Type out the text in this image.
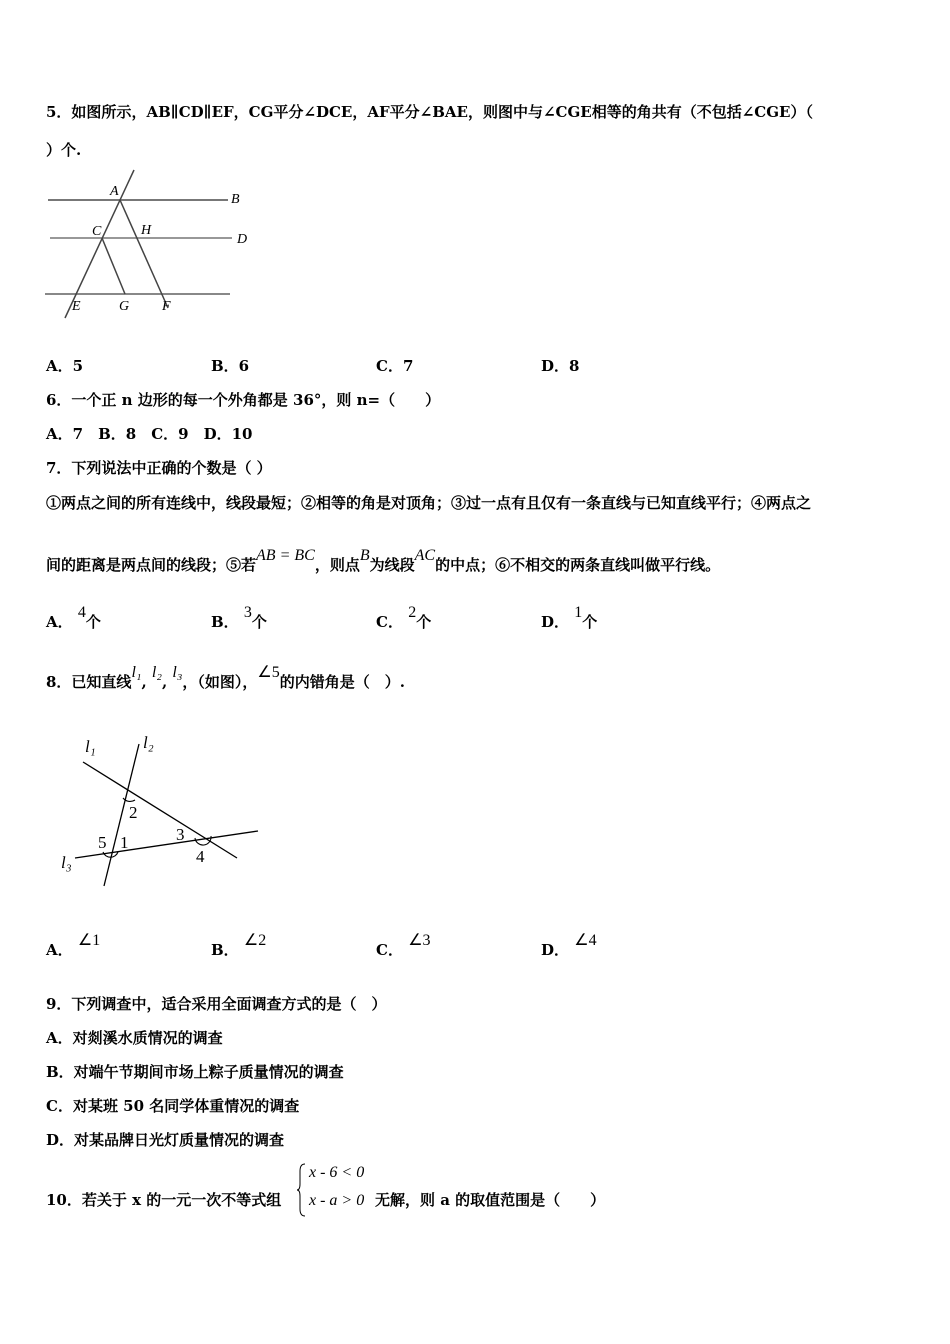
5．如图所示，AB∥CD∥EF，CG平分∠DCE，AF平分∠BAE，则图中与∠CGE相等的角共有（不包括∠CGE）（
）个.
A
B
C
D
H
E	G F
A．5	B．6	C．7	D．8
6．一个正 n 边形的每一个外角都是 36°，则 n=（　　）
A．7　B．8　C．9　D．10
7．下列说法中正确的个数是（ ）
①两点之间的所有连线中，线段最短；②相等的角是对顶角；③过一点有且仅有一条直线与已知直线平行；④两点之
间的距离是两点间的线段；⑤若AB = BC，则点B为线段AC的中点；⑥不相交的两条直线叫做平行线。
A． 4个	B． 3个	C． 2个	D． 1个
8．已知直线l₁, l₂, l₃，（如图），∠5的内错角是（　）.
l₁	l₂
l₃
2
3
4
5 1
A． ∠1
B． ∠2
C． ∠3
D． ∠4
9．下列调查中，适合采用全面调查方式的是（　）
A．对剡溪水质情况的调查
B．对端午节期间市场上粽子质量情况的调查
C．对某班 50 名同学体重情况的调查
D．对某品牌日光灯质量情况的调查
10．若关于 x 的一元一次不等式组
x - 6 < 0
x - a > 0 无解，则 a 的取值范围是（　　）
